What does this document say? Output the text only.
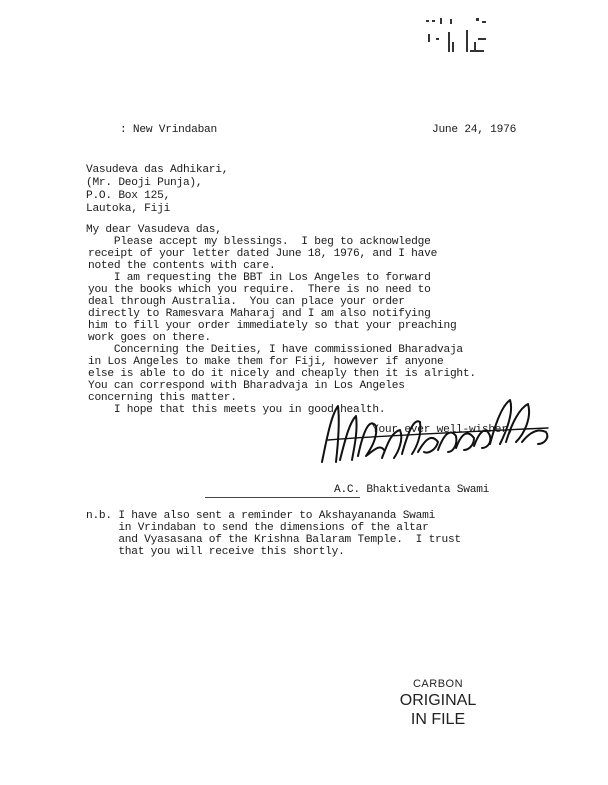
: New Vrindaban	June 24, 1976
Vasudeva das Adhikari,
(Mr. Deoji Punja),
P.O. Box 125,
Lautoka, Fiji
My dear Vasudeva das,
Please accept my blessings.  I beg to acknowledge
receipt of your letter dated June 18, 1976, and I have
noted the contents with care.
I am requesting the BBT in Los Angeles to forward
you the books which you require.  There is no need to
deal through Australia.  You can place your order
directly to Ramesvara Maharaj and I am also notifying
him to fill your order immediately so that your preaching
work goes on there.
Concerning the Deities, I have commissioned Bharadvaja
in Los Angeles to make them for Fiji, however if anyone
else is able to do it nicely and cheaply then it is alright.
You can correspond with Bharadvaja in Los Angeles
concerning this matter.
I hope that this meets you in good health.
Your ever well-wisher,
A.C. Bhaktivedanta Swami
n.b. I have also sent a reminder to Akshayananda Swami
in Vrindaban to send the dimensions of the altar
and Vyasasana of the Krishna Balaram Temple.  I trust
that you will receive this shortly.
CARBON
ORIGINAL
IN FILE
